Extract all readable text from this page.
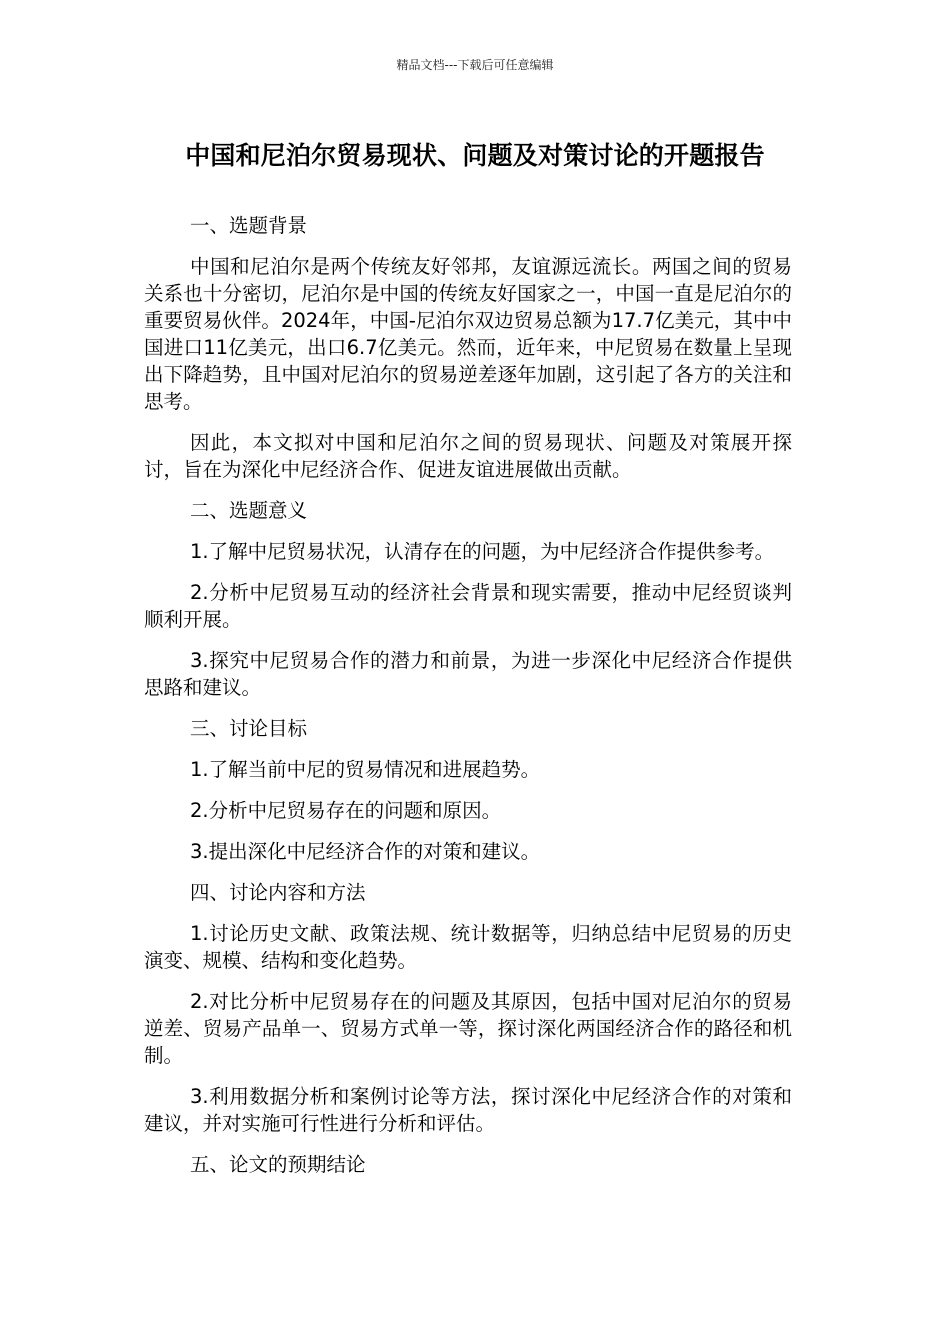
精品文档---下载后可任意编辑
中国和尼泊尔贸易现状、问题及对策讨论的开题报告

一、选题背景

中国和尼泊尔是两个传统友好邻邦，友谊源远流长。两国之间的贸易关系也十分密切，尼泊尔是中国的传统友好国家之一，中国一直是尼泊尔的重要贸易伙伴。2024年，中国-尼泊尔双边贸易总额为17.7亿美元，其中中国进口11亿美元，出口6.7亿美元。然而，近年来，中尼贸易在数量上呈现出下降趋势，且中国对尼泊尔的贸易逆差逐年加剧，这引起了各方的关注和思考。

因此，本文拟对中国和尼泊尔之间的贸易现状、问题及对策展开探讨，旨在为深化中尼经济合作、促进友谊进展做出贡献。

二、选题意义

1.了解中尼贸易状况，认清存在的问题，为中尼经济合作提供参考。

2.分析中尼贸易互动的经济社会背景和现实需要，推动中尼经贸谈判顺利开展。

3.探究中尼贸易合作的潜力和前景，为进一步深化中尼经济合作提供思路和建议。

三、讨论目标

1.了解当前中尼的贸易情况和进展趋势。

2.分析中尼贸易存在的问题和原因。

3.提出深化中尼经济合作的对策和建议。

四、讨论内容和方法

1.讨论历史文献、政策法规、统计数据等，归纳总结中尼贸易的历史演变、规模、结构和变化趋势。

2.对比分析中尼贸易存在的问题及其原因，包括中国对尼泊尔的贸易逆差、贸易产品单一、贸易方式单一等，探讨深化两国经济合作的路径和机制。

3.利用数据分析和案例讨论等方法，探讨深化中尼经济合作的对策和建议，并对实施可行性进行分析和评估。

五、论文的预期结论
